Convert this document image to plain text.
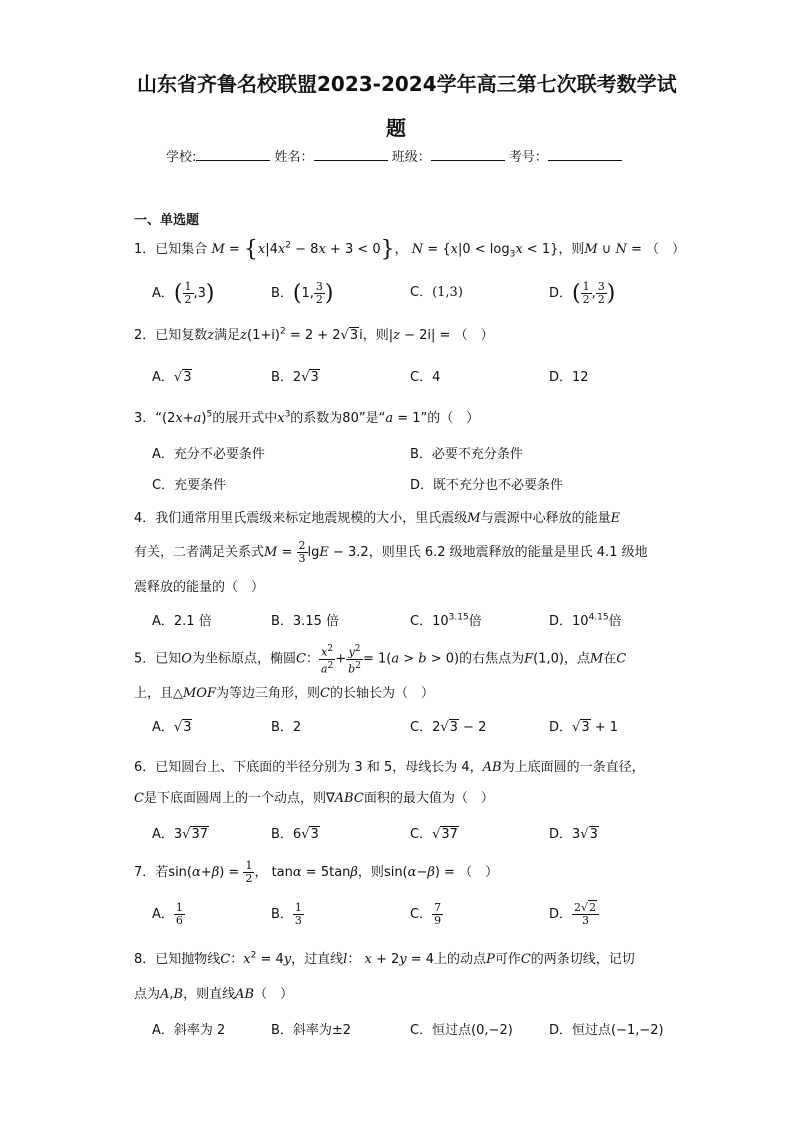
山东省齐鲁名校联盟2023-2024学年高三第七次联考数学试
题
学校:	姓名：	班级：	考号：
一、单选题
1．已知集合 $M = \{x|4x^2 - 8x + 3 < 0\}$， $N = \{x|0 < \log_3x < 1\}$，则M ∪ N = （　）
A．( $\frac{1}{2} ,3$)	B．(1, $\frac{3}{2}$ )	C．(1,3)	D．( $\frac{1}{2}$ , $\frac{3}{2}$ )
2．已知复数z满足$z(1+i)^2 = 2 + 2√3i$，则|z − 2i| = （　）
A．√3	B．2√3	C．4	D．12
3．“$(2x+a)^5$的展开式中$x^3$的系数为80”是“a = 1”的（　）
A．充分不必要条件	B．必要不充分条件
C．充要条件	D．既不充分也不必要条件
4．我们通常用里氏震级来标定地震规模的大小，里氏震级M与震源中心释放的能量E
有关，二者满足关系式$M = \frac{2}{3}$ lgE − 3.2，则里氏 6.2 级地震释放的能量是里氏 4.1 级地
震释放的能量的（　）
A．2.1 倍	B．3.15 倍	C．$10^{3.15}$倍	D．$10^{4.15}$倍
5．已知O为坐标原点，椭圆C： $\frac{x^2}{a^2} + \frac{y^2}{b^2} = 1(a > b > 0)$的右焦点为F(1,0)，点M在C
上，且△MOF为等边三角形，则C的长轴长为（　）
A．√3	B．2	C．2√3 − 2	D．√3 + 1
6．已知圆台上、下底面的半径分别为 3 和 5，母线长为 4，AB为上底面圆的一条直径，
C是下底面圆周上的一个动点，则∇ABC面积的最大值为（　）
A．3√37	B．6√3	C．√37	D．3√3
7．若$\sin(\alpha+\beta) = \frac{1}{2}$ ， tanα = 5tanβ，则sin(α−β) = （　）
A． $\frac{1}{6}$	B． $\frac{1}{3}$	C． $\frac{7}{9}$	D． $\frac{2√2}{3}$
8．已知抛物线C：$x^2 = 4y$，过直线l： x + 2y = 4上的动点P可作C的两条切线，记切
点为A,B，则直线AB（　）
A．斜率为 2	B．斜率为±2	C．恒过点(0,−2)	D．恒过点(−1,−2)
